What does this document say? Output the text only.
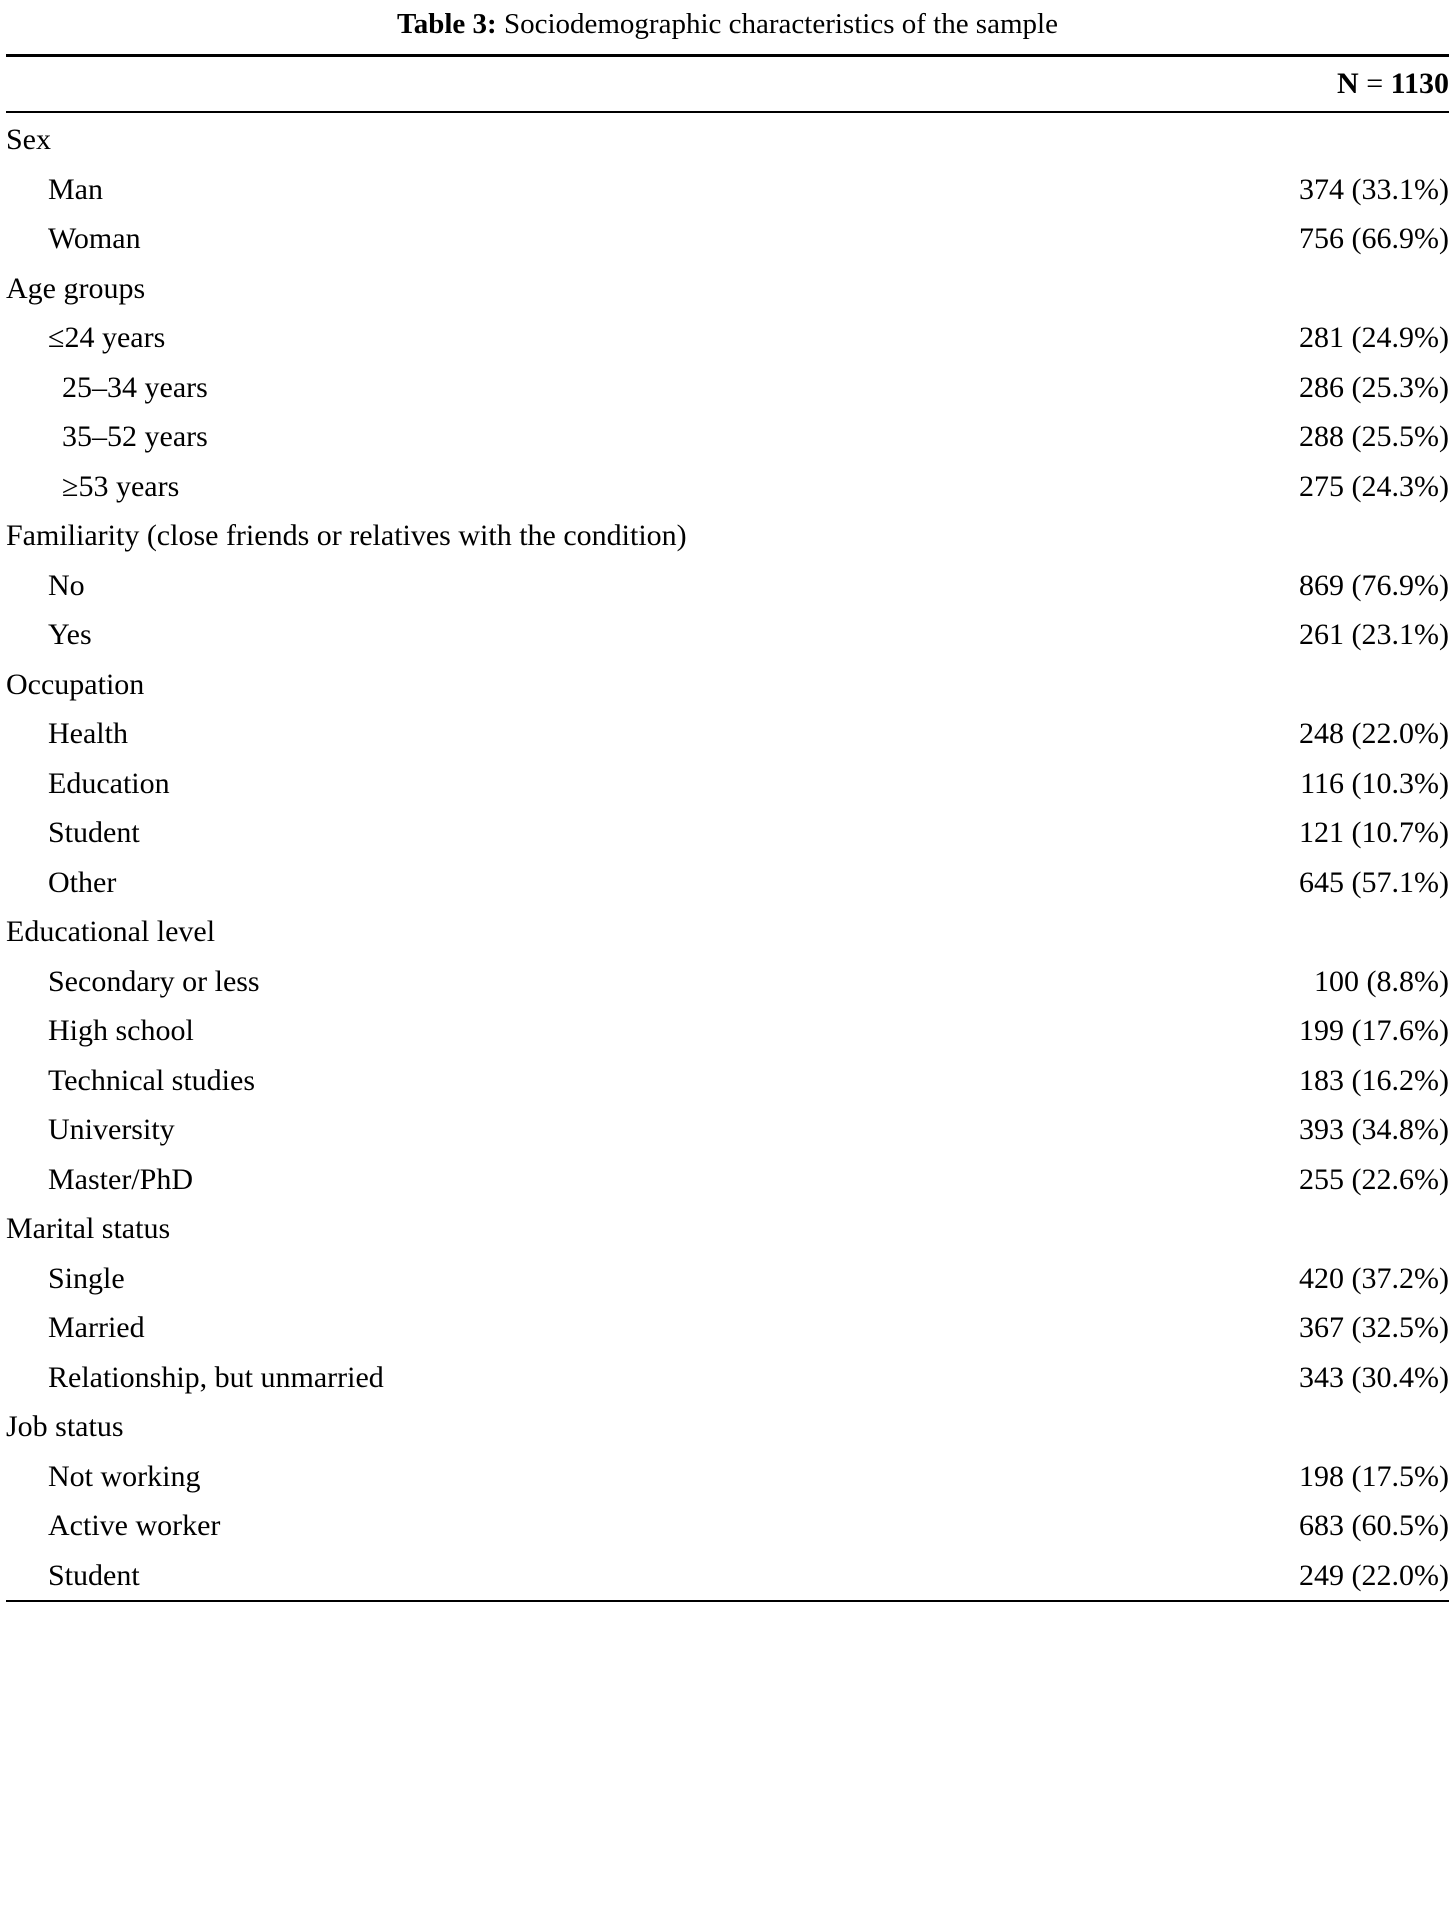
Table 3: Sociodemographic characteristics of the sample
	N = 1130

Sex	
Man	374 (33.1%)
Woman	756 (66.9%)
Age groups	
≤24 years	281 (24.9%)
25–34 years	286 (25.3%)
35–52 years	288 (25.5%)
≥53 years	275 (24.3%)
Familiarity (close friends or relatives with the condition)	
No	869 (76.9%)
Yes	261 (23.1%)
Occupation	
Health	248 (22.0%)
Education	116 (10.3%)
Student	121 (10.7%)
Other	645 (57.1%)
Educational level	
Secondary or less	100 (8.8%)
High school	199 (17.6%)
Technical studies	183 (16.2%)
University	393 (34.8%)
Master/PhD	255 (22.6%)
Marital status	
Single	420 (37.2%)
Married	367 (32.5%)
Relationship, but unmarried	343 (30.4%)
Job status	
Not working	198 (17.5%)
Active worker	683 (60.5%)
Student	249 (22.0%)
